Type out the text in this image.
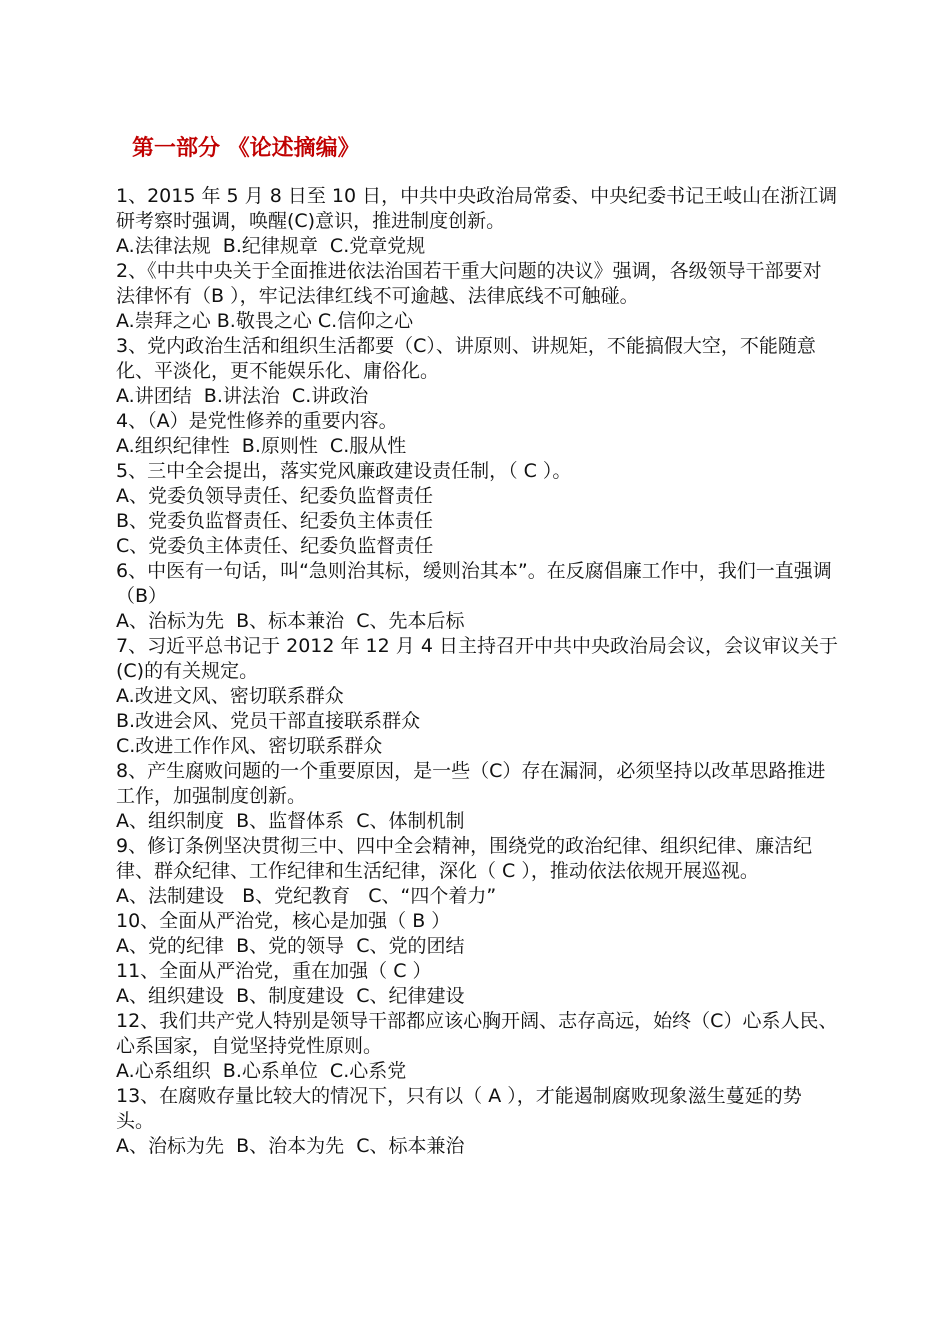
第一部分 《论述摘编》

1、2015 年 5 月 8 日至 10 日，中共中央政治局常委、中央纪委书记王岐山在浙江调研考察时强调，唤醒(C)意识，推进制度创新。

A.法律法规  B.纪律规章  C.党章党规

2、《中共中央关于全面推进依法治国若干重大问题的决议》强调，各级领导干部要对法律怀有（B ），牢记法律红线不可逾越、法律底线不可触碰。

A.崇拜之心 B.敬畏之心 C.信仰之心

3、党内政治生活和组织生活都要（C）、讲原则、讲规矩，不能搞假大空，不能随意化、平淡化，更不能娱乐化、庸俗化。

A.讲团结  B.讲法治  C.讲政治

4、（A）是党性修养的重要内容。

A.组织纪律性  B.原则性  C.服从性

5、三中全会提出，落实党风廉政建设责任制，（ C ）。

A、党委负领导责任、纪委负监督责任

B、党委负监督责任、纪委负主体责任

C、党委负主体责任、纪委负监督责任

6、中医有一句话，叫“急则治其标，缓则治其本”。在反腐倡廉工作中，我们一直强调（B）

A、治标为先  B、标本兼治  C、先本后标

7、习近平总书记于 2012 年 12 月 4 日主持召开中共中央政治局会议，会议审议关于(C)的有关规定。

A.改进文风、密切联系群众

B.改进会风、党员干部直接联系群众

C.改进工作作风、密切联系群众

8、产生腐败问题的一个重要原因，是一些（C）存在漏洞，必须坚持以改革思路推进工作，加强制度创新。

A、组织制度  B、监督体系  C、体制机制

9、修订条例坚决贯彻三中、四中全会精神，围绕党的政治纪律、组织纪律、廉洁纪律、群众纪律、工作纪律和生活纪律，深化（ C ），推动依法依规开展巡视。

A、法制建设   B、党纪教育   C、“四个着力”

10、全面从严治党，核心是加强（ B ）

A、党的纪律  B、党的领导  C、党的团结

11、全面从严治党，重在加强（ C ）

A、组织建设  B、制度建设  C、纪律建设

12、我们共产党人特别是领导干部都应该心胸开阔、志存高远，始终（C）心系人民、心系国家，自觉坚持党性原则。

A.心系组织  B.心系单位  C.心系党

13、在腐败存量比较大的情况下，只有以（ A ），才能遏制腐败现象滋生蔓延的势头。

A、治标为先  B、治本为先  C、标本兼治
